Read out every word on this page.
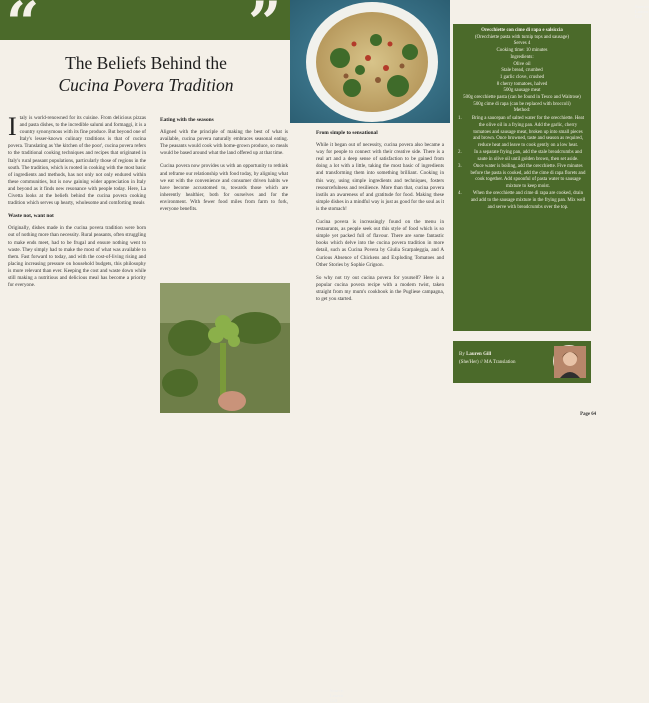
“	”
The Beliefs Behind the
Cucina Povera Tradition

Italy is world-renowned for its cuisine. From delicious pizzas and pasta dishes, to the incredible salumi and formaggi, it is a country synonymous with its fine produce. But beyond one of Italy's lesser-known culinary traditions is that of cucina povera. Translating as 'the kitchen of the poor', cucina povera refers to the traditional cooking techniques and recipes that originated in Italy's rural peasant populations, particularly those of regions in the south. The tradition, which is rooted in cooking with the most basic of ingredients and methods, has not only not only endured within these communities, but is now gaining wider appreciation in Italy and beyond as it finds new resonance with people today. Here, La Civetta looks at the beliefs behind the cucina povera cooking tradition which serves up hearty, wholesome and comforting meals

Waste not, want not

Originally, dishes made in the cucina povera tradition were born out of nothing more than necessity. Rural peasants, often struggling to make ends meet, had to be frugal and ensure nothing went to waste. They simply had to make the most of what was available to them. Fast forward to today, and with the cost-of-living rising and placing increasing pressure on household budgets, this philosophy is more relevant than ever. Keeping the cost and waste down while still making a nutritious and delicious meal has become a priority for everyone.

Eating with the seasons

Aligned with the principle of making the best of what is available, cucina povera naturally embraces seasonal eating. The peasants would cook with home-grown produce, so meals would be based around what the land offered up at that time.

Cucina povera now provides us with an opportunity to rethink and reframe our relationship with food today, by aligning what we eat with the convenience and consumer driven habits we have become accustomed to, towards those which are inherently healthier, both for ourselves and for the environment. With fewer food miles from farm to fork, everyone benefits.

From simple to sensational

While it began out of necessity, cucina povera also became a way for people to connect with their creative side. There is a real art and a deep sense of satisfaction to be gained from doing a lot with a little, taking the most basic of ingredients and transforming them into something brilliant. Cooking in this way, using simple ingredients and techniques, fosters resourcefulness and resilience. More than that, cucina povera instils an awareness of and gratitude for food. Making these simple dishes in a mindful way is just as good for the soul as it is the stomach!

Cucina povera is increasingly found on the menu in restaurants, as people seek out this style of food which is so simple yet packed full of flavour. There are some fantastic books which delve into the cucina povera tradition in more detail, such as Cucina Povera by Giulia Scarpaleggia, and A Curious Absence of Chickens and Exploding Tomatoes and Other Stories by Sophie Grigson.

So why not try out cucina povera for yourself? Here is a popular cucina povera recipe with a modern twist, taken straight from my mum's cookbook in the Pugliese campagna, to get you started.

Source: Lauren Gill
Source: Lauren Gill
Orecchiette con cime di rapa e salsiccia
(Orecchiette pasta with turnip tops and sausage)
Serves 4
Cooking time: 10 minutes
Ingredients:
Olive oil
Stale bread, crumbed
1 garlic clove, crushed
8 cherry tomatoes, halved
500g sausage meat
500g orecchiette pasta (can be found in Tesco and Waitrose)
500g cime di rapa (can be replaced with broccoli)
Method:
1.	Bring a saucepan of salted water for the orecchiette. Heat the olive oil in a frying pan. Add the garlic, cherry tomatoes and sausage meat, broken up into small pieces and brown. Once browned, taste and season as required, reduce heat and leave to cook gently on a low heat.
2.	In a separate frying pan, add the stale breadcrumbs and saute in olive oil until golden brown, then set aside.
3.	Once water is boiling, add the orecchiette. Five minutes before the pasta is cooked, add the cime di rapa florets and cook together. Add spoonful of pasta water to sausage mixture to keep moist.
4.	When the orecchiette and cime di rapa are cooked, drain and add to the sausage mixture in the frying pan. Mix well and serve with breadcrumbs over the top.
By Lauren Gill
(She/Her) // MA Translation
Page 64
